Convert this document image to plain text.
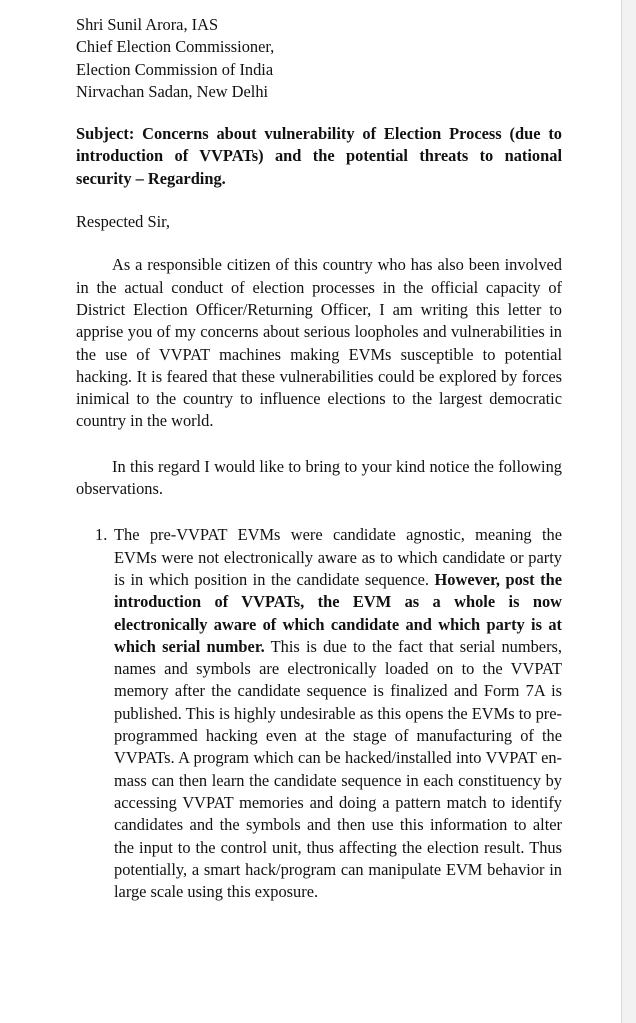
Shri Sunil Arora, IAS
Chief Election Commissioner,
Election Commission of India
Nirvachan Sadan, New Delhi
Subject: Concerns about vulnerability of Election Process (due to introduction of VVPATs) and the potential threats to national security – Regarding.
Respected Sir,
As a responsible citizen of this country who has also been involved in the actual conduct of election processes in the official capacity of District Election Officer/Returning Officer, I am writing this letter to apprise you of my concerns about serious loopholes and vulnerabilities in the use of VVPAT machines making EVMs susceptible to potential hacking. It is feared that these vulnerabilities could be explored by forces inimical to the country to influence elections to the largest democratic country in the world.
In this regard I would like to bring to your kind notice the following observations.
1. The pre-VVPAT EVMs were candidate agnostic, meaning the EVMs were not electronically aware as to which candidate or party is in which position in the candidate sequence. However, post the introduction of VVPATs, the EVM as a whole is now electronically aware of which candidate and which party is at which serial number. This is due to the fact that serial numbers, names and symbols are electronically loaded on to the VVPAT memory after the candidate sequence is finalized and Form 7A is published. This is highly undesirable as this opens the EVMs to pre-programmed hacking even at the stage of manufacturing of the VVPATs. A program which can be hacked/installed into VVPAT en-mass can then learn the candidate sequence in each constituency by accessing VVPAT memories and doing a pattern match to identify candidates and the symbols and then use this information to alter the input to the control unit, thus affecting the election result. Thus potentially, a smart hack/program can manipulate EVM behavior in large scale using this exposure.
